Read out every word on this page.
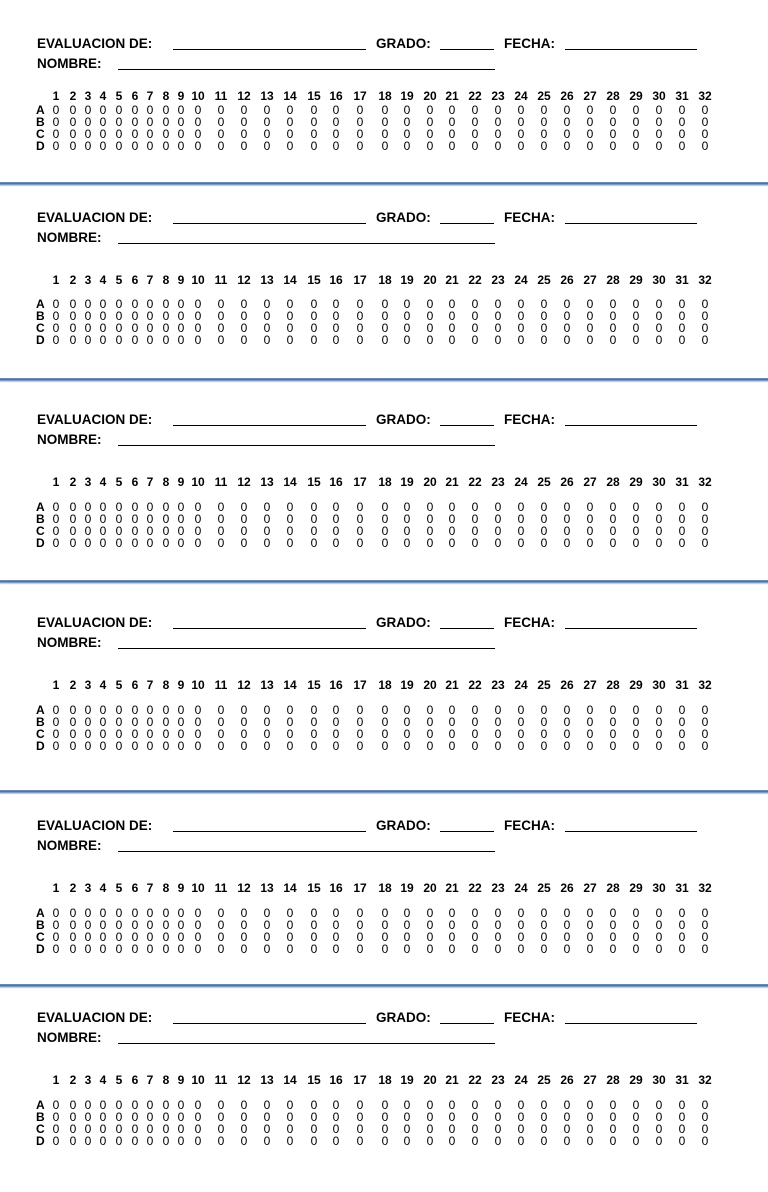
EVALUACION DE:	GRADO:	FECHA:
NOMBRE:
1 2 3 4 5 6 7 8 9 10 11 12 13 14 15 16 17 18 19 20 21 22 23 24 25 26 27 28 29 30 31 32
A 0 0 0 0 0 0 0 0 0 0	0	0	0	0	0	0	0	0	0	0	0	0	0	0	0	0	0	0	0	0	0	0
B 0 0 0 0 0 0 0 0 0 0	0	0	0	0	0	0	0	0	0	0	0	0	0	0	0	0	0	0	0	0	0	0
C 0 0 0 0 0 0 0 0 0 0	0	0	0	0	0	0	0	0	0	0	0	0	0	0	0	0	0	0	0	0	0	0
D 0 0 0 0 0 0 0 0 0 0	0	0	0	0	0	0	0	0	0	0	0	0	0	0	0	0	0	0	0	0	0	0
EVALUACION DE:	GRADO:	FECHA:
NOMBRE:
1 2 3 4 5 6 7 8 9 10 11 12 13 14 15 16 17 18 19 20 21 22 23 24 25 26 27 28 29 30 31 32
A 0 0 0 0 0 0 0 0 0 0	0	0	0	0	0	0	0	0	0	0	0	0	0	0	0	0	0	0	0	0	0	0
B 0 0 0 0 0 0 0 0 0 0	0	0	0	0	0	0	0	0	0	0	0	0	0	0	0	0	0	0	0	0	0	0
C 0 0 0 0 0 0 0 0 0 0	0	0	0	0	0	0	0	0	0	0	0	0	0	0	0	0	0	0	0	0	0	0
D 0 0 0 0 0 0 0 0 0 0	0	0	0	0	0	0	0	0	0	0	0	0	0	0	0	0	0	0	0	0	0	0
EVALUACION DE:	GRADO:	FECHA:
NOMBRE:
1 2 3 4 5 6 7 8 9 10 11 12 13 14 15 16 17 18 19 20 21 22 23 24 25 26 27 28 29 30 31 32
A 0 0 0 0 0 0 0 0 0 0	0	0	0	0	0	0	0	0	0	0	0	0	0	0	0	0	0	0	0	0	0	0
B 0 0 0 0 0 0 0 0 0 0	0	0	0	0	0	0	0	0	0	0	0	0	0	0	0	0	0	0	0	0	0	0
C 0 0 0 0 0 0 0 0 0 0	0	0	0	0	0	0	0	0	0	0	0	0	0	0	0	0	0	0	0	0	0	0
D 0 0 0 0 0 0 0 0 0 0	0	0	0	0	0	0	0	0	0	0	0	0	0	0	0	0	0	0	0	0	0	0
EVALUACION DE:	GRADO:	FECHA:
NOMBRE:
1 2 3 4 5 6 7 8 9 10 11 12 13 14 15 16 17 18 19 20 21 22 23 24 25 26 27 28 29 30 31 32
A 0 0 0 0 0 0 0 0 0 0	0	0	0	0	0	0	0	0	0	0	0	0	0	0	0	0	0	0	0	0	0	0
B 0 0 0 0 0 0 0 0 0 0	0	0	0	0	0	0	0	0	0	0	0	0	0	0	0	0	0	0	0	0	0	0
C 0 0 0 0 0 0 0 0 0 0	0	0	0	0	0	0	0	0	0	0	0	0	0	0	0	0	0	0	0	0	0	0
D 0 0 0 0 0 0 0 0 0 0	0	0	0	0	0	0	0	0	0	0	0	0	0	0	0	0	0	0	0	0	0	0
EVALUACION DE:	GRADO:	FECHA:
NOMBRE:
1 2 3 4 5 6 7 8 9 10 11 12 13 14 15 16 17 18 19 20 21 22 23 24 25 26 27 28 29 30 31 32
A 0 0 0 0 0 0 0 0 0 0	0	0	0	0	0	0	0	0	0	0	0	0	0	0	0	0	0	0	0	0	0	0
B 0 0 0 0 0 0 0 0 0 0	0	0	0	0	0	0	0	0	0	0	0	0	0	0	0	0	0	0	0	0	0	0
C 0 0 0 0 0 0 0 0 0 0	0	0	0	0	0	0	0	0	0	0	0	0	0	0	0	0	0	0	0	0	0	0
D 0 0 0 0 0 0 0 0 0 0	0	0	0	0	0	0	0	0	0	0	0	0	0	0	0	0	0	0	0	0	0	0
EVALUACION DE:	GRADO:	FECHA:
NOMBRE:
1 2 3 4 5 6 7 8 9 10 11 12 13 14 15 16 17 18 19 20 21 22 23 24 25 26 27 28 29 30 31 32
A 0 0 0 0 0 0 0 0 0 0	0	0	0	0	0	0	0	0	0	0	0	0	0	0	0	0	0	0	0	0	0	0
B 0 0 0 0 0 0 0 0 0 0	0	0	0	0	0	0	0	0	0	0	0	0	0	0	0	0	0	0	0	0	0	0
C 0 0 0 0 0 0 0 0 0 0	0	0	0	0	0	0	0	0	0	0	0	0	0	0	0	0	0	0	0	0	0	0
D 0 0 0 0 0 0 0 0 0 0	0	0	0	0	0	0	0	0	0	0	0	0	0	0	0	0	0	0	0	0	0	0
